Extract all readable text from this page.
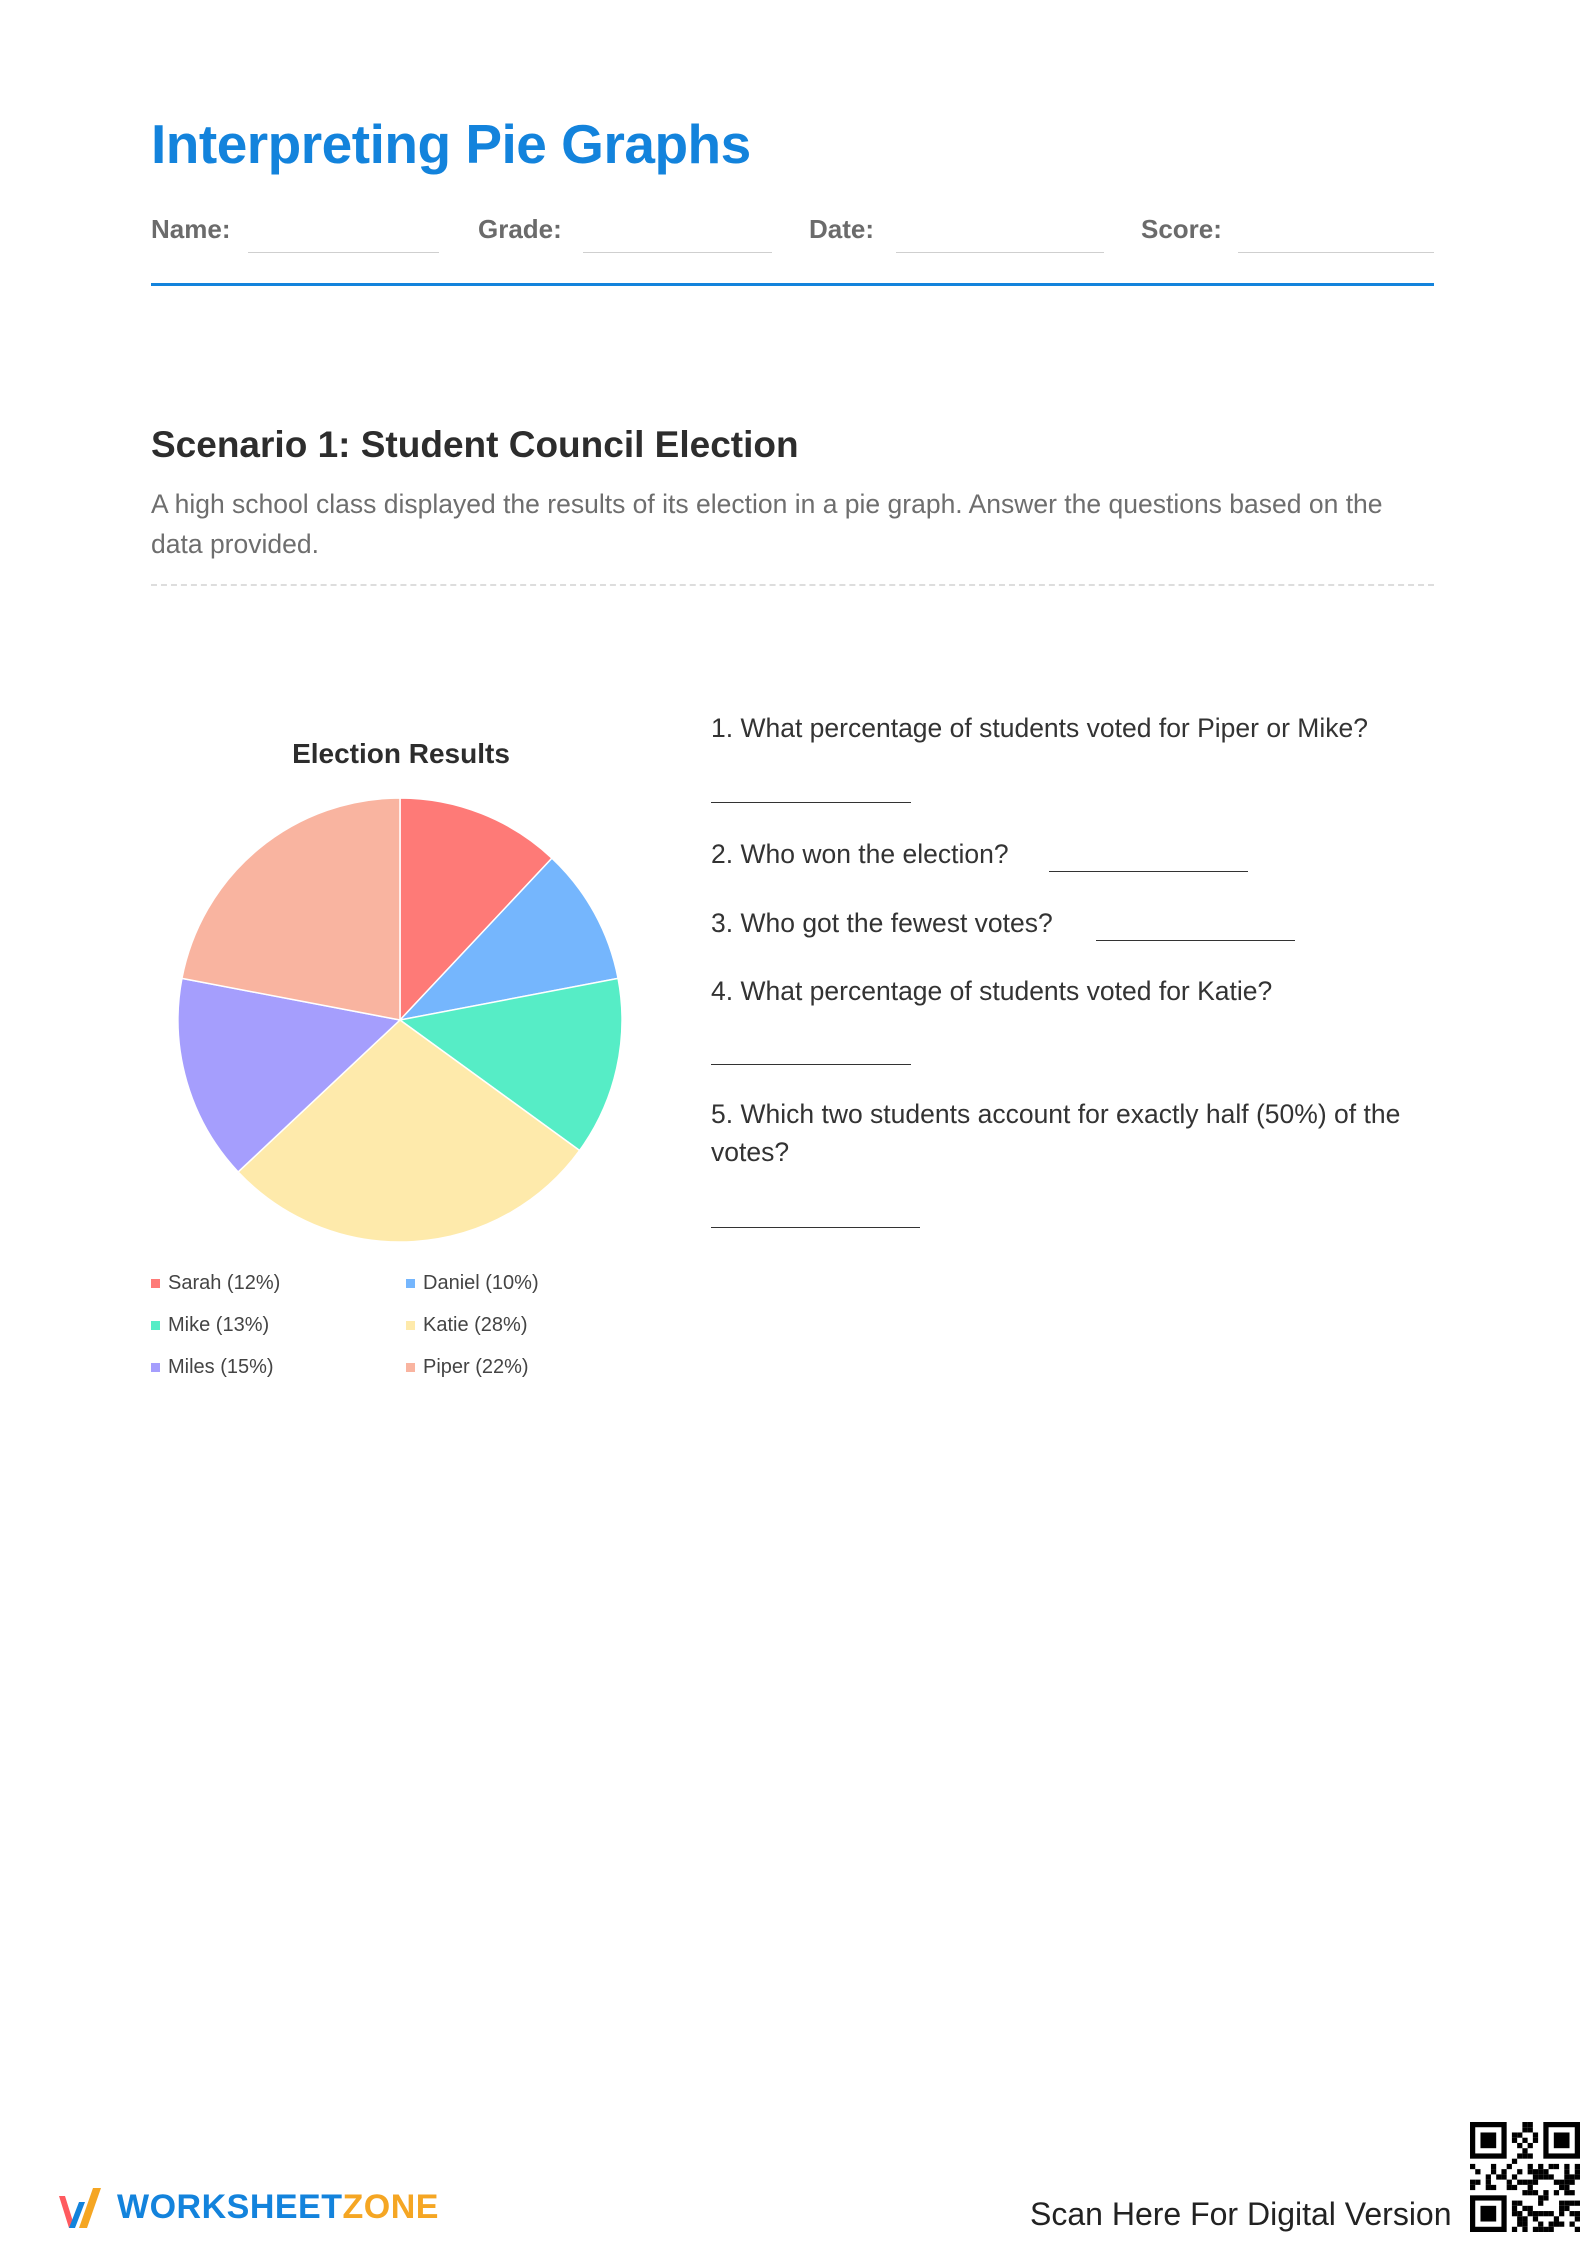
Interpreting Pie Graphs
Name:	Grade:	Date:	Score:
Scenario 1: Student Council Election

A high school class displayed the results of its election in a pie graph. Answer the questions based on the data provided.

Election Results
Sarah (12%)	Daniel (10%)
Mike (13%)	Katie (28%)
Miles (15%)	Piper (22%)
1. What percentage of students voted for Piper or Mike?
2. Who won the election?
3. Who got the fewest votes?
4. What percentage of students voted for Katie?
5. Which two students account for exactly half (50%) of the votes?
WORKSHEETZONE	Scan Here For Digital Version
